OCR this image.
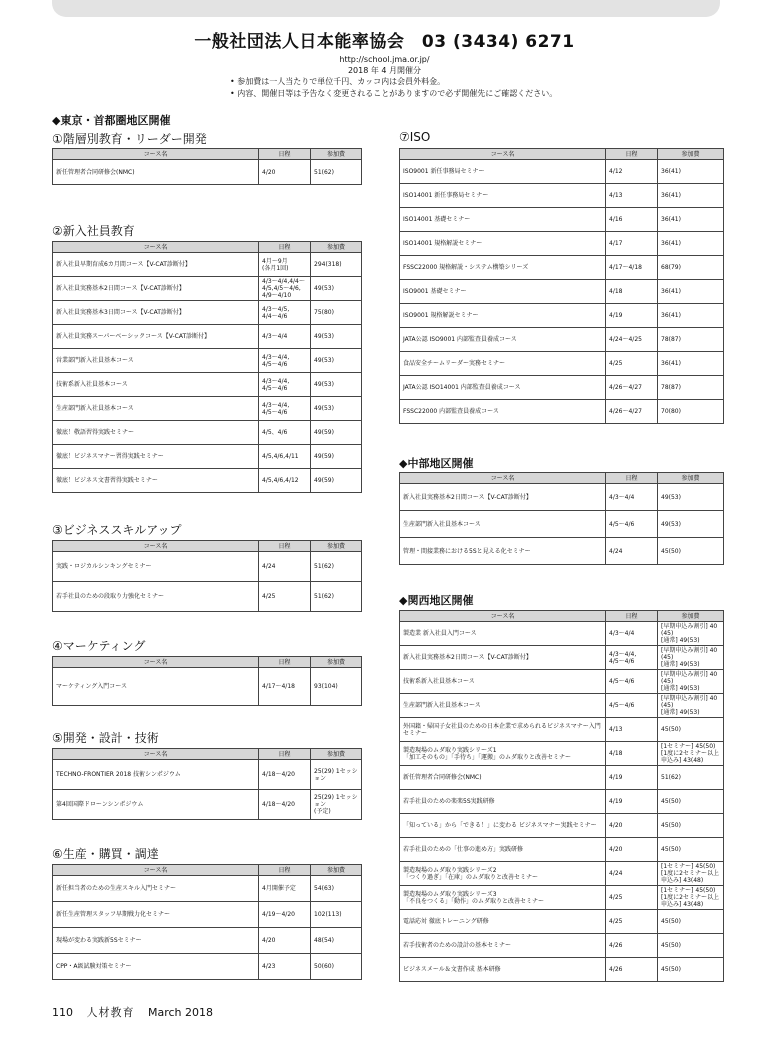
一般社団法人日本能率協会　03 (3434) 6271
http://school.jma.or.jp/
2018 年 4 月開催分
• 参加費は一人当たりで単位千円、カッコ内は会員外料金。
• 内容、開催日等は予告なく変更されることがありますので必ず開催先にご確認ください。
◆東京・首都圏地区開催
◆中部地区開催
◆関西地区開催
①階層別教育・リーダー開発
②新入社員教育
③ビジネススキルアップ
④マーケティング
⑤開発・設計・技術
⑥生産・購買・調達
⑦ISO
コース名	日程	参加費
新任管理者合同研修会(NMC)	4/20	51(62)
コース名	日程	参加費
新入社員早期育成6カ月間コース【V-CAT診断付】	4月～9月
(各月1回)	294(318)
新入社員実務基本2日間コース【V-CAT診断付】	4/3～4/4,4/4～4/5,4/5～4/6,
4/9～4/10	49(53)
新入社員実務基本3日間コース【V-CAT診断付】	4/3～4/5,
4/4～4/6	75(80)
新入社員実務スーパーベーシックコース【V-CAT診断付】	4/3～4/4	49(53)
営業部門新入社員基本コース	4/3～4/4,
4/5～4/6	49(53)
技術系新入社員基本コース	4/3～4/4,
4/5～4/6	49(53)
生産部門新入社員基本コース	4/3～4/4,
4/5～4/6	49(53)
徹底！敬語習得実践セミナー	4/5、4/6	49(59)
徹底！ビジネスマナー習得実践セミナー	4/5,4/6,4/11	49(59)
徹底！ビジネス文書習得実践セミナー	4/5,4/6,4/12	49(59)
コース名	日程	参加費
実践・ロジカルシンキングセミナー	4/24	51(62)
若手社員のための段取り力強化セミナー	4/25	51(62)
コース名	日程	参加費
マーケティング入門コース	4/17～4/18	93(104)
コース名	日程	参加費
TECHNO-FRONTIER 2018 技術シンポジウム	4/18～4/20	25(29) 1セッション
第4回国際ドローンシンポジウム	4/18～4/20	25(29) 1セッション
(予定)
コース名	日程	参加費
新任担当者のための生産スキル入門セミナー	4月開催予定	54(63)
新任生産管理スタッフ早期戦力化セミナー	4/19～4/20	102(113)
現場が変わる実践新5Sセミナー	4/20	48(54)
CPP・A級試験対策セミナー	4/23	50(60)
コース名	日程	参加費
ISO9001 新任事務局セミナー	4/12	36(41)
ISO14001 新任事務局セミナー	4/13	36(41)
ISO14001 基礎セミナー	4/16	36(41)
ISO14001 規格解説セミナー	4/17	36(41)
FSSC22000 規格解説・システム構築シリーズ	4/17～4/18	68(79)
ISO9001 基礎セミナー	4/18	36(41)
ISO9001 規格解説セミナー	4/19	36(41)
JATA公認 ISO9001 内部監査員養成コース	4/24～4/25	78(87)
食品安全チームリーダー実務セミナー	4/25	36(41)
JATA公認 ISO14001 内部監査員養成コース	4/26～4/27	78(87)
FSSC22000 内部監査員養成コース	4/26～4/27	70(80)
コース名	日程	参加費
新入社員実務基本2日間コース【V-CAT診断付】	4/3～4/4	49(53)
生産部門新入社員基本コース	4/5～4/6	49(53)
管理・間接業務における5Sと見える化セミナー	4/24	45(50)
コース名	日程	参加費
製造業 新入社員入門コース	4/3～4/4	[早期申込み割引] 40
(45)
[通常] 49(53)
新入社員実務基本2日間コース【V-CAT診断付】	4/3～4/4,
4/5～4/6	[早期申込み割引] 40
(45)
[通常] 49(53)
技術系新入社員基本コース	4/5～4/6	[早期申込み割引] 40
(45)
[通常] 49(53)
生産部門新入社員基本コース	4/5～4/6	[早期申込み割引] 40
(45)
[通常] 49(53)
外国籍・帰国子女社員のための日本企業で求められるビジネスマナー入門セミナー	4/13	45(50)
製造現場のムダ取り実践シリーズ1
「加工そのもの」「手待ち」「運搬」のムダ取りと改善セミナー	4/18	[1セミナー] 45(50)
[1度に2セミナー以上申込み] 43(48)
新任管理者合同研修会(NMC)	4/19	51(62)
若手社員のための楽楽5S実践研修	4/19	45(50)
「知っている」から「できる！」に変わる ビジネスマナー実践セミナー	4/20	45(50)
若手社員のための「仕事の進め方」実践研修	4/20	45(50)
製造現場のムダ取り実践シリーズ2
「つくり過ぎ」「在庫」のムダ取りと改善セミナー	4/24	[1セミナー] 45(50)
[1度に2セミナー以上申込み] 43(48)
製造現場のムダ取り実践シリーズ3
「不良をつくる」「動作」のムダ取りと改善セミナー	4/25	[1セミナー] 45(50)
[1度に2セミナー以上申込み] 43(48)
電話応対 徹底トレーニング研修	4/25	45(50)
若手技術者のための設計の基本セミナー	4/26	45(50)
ビジネスメール＆文書作成 基本研修	4/26	45(50)
110 人材教育 March 2018
